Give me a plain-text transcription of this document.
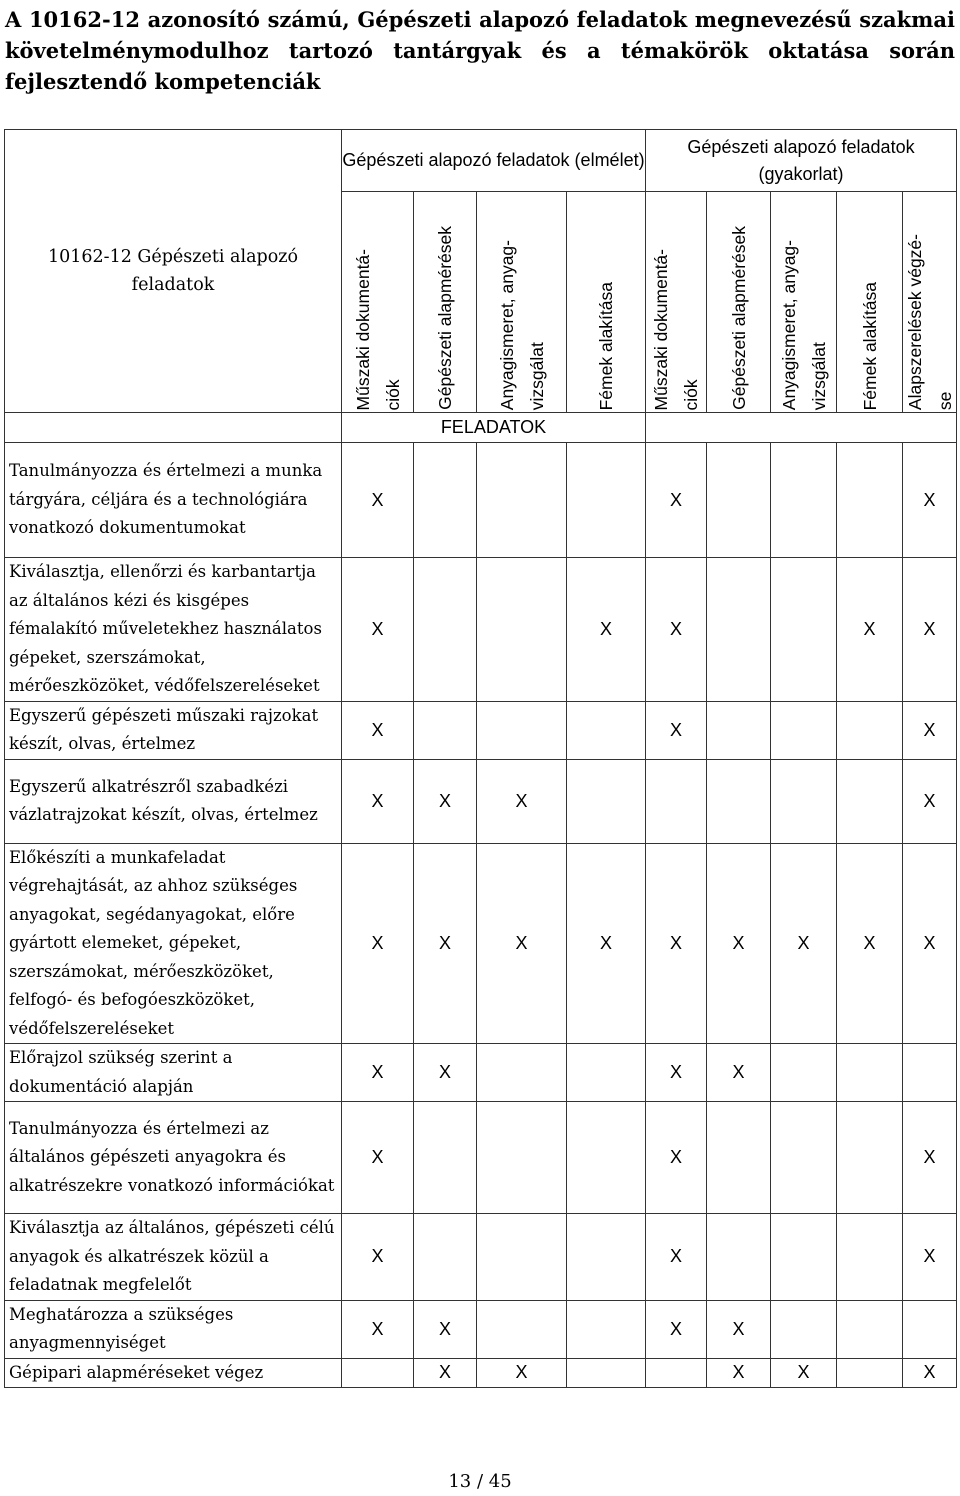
A 10162-12 azonosító számú, Gépészeti alapozó feladatok megnevezésű szakmai követelménymodulhoz tartozó tantárgyak és a témakörök oktatása során fejlesztendő kompetenciák
10162-12 Gépészeti alapozó feladatok	Gépészeti alapozó feladatok (elmélet)				Gépészeti alapozó feladatok (gyakorlat)				

	Műszaki dokumentá-
ciók	Gépészeti alapmérések	Anyagismeret, anyag-
vizsgálat	Fémek alakítása	Műszaki dokumentá-
ciók	Gépészeti alapmérések	Anyagismeret, anyag-
vizsgálat	Fémek alakítása	Alapszerelések végzé-
se

	FELADATOK								
Tanulmányozza és értelmezi a munka tárgyára, céljára és a technológiára vonatkozó dokumentumokat	X				X				X
Kiválasztja, ellenőrzi és karbantartja az általános kézi és kisgépes fémalakító műveletekhez használatos gépeket, szerszámokat, mérőeszközöket, védőfelszereléseket	X			X	X			X	X
Egyszerű gépészeti műszaki rajzokat készít, olvas, értelmez	X				X				X
Egyszerű alkatrészről szabadkézi vázlatrajzokat készít, olvas, értelmez	X	X	X						X
Előkészíti a munkafeladat végrehajtását, az ahhoz szükséges anyagokat, segédanyagokat, előre gyártott elemeket, gépeket, szerszámokat, mérőeszközöket, felfogó- és befogóeszközöket, védőfelszereléseket	X	X	X	X	X	X	X	X	X
Előrajzol szükség szerint a dokumentáció alapján	X	X			X	X			
Tanulmányozza és értelmezi az általános gépészeti anyagokra és alkatrészekre vonatkozó információkat	X				X				X
Kiválasztja az általános, gépészeti célú anyagok és alkatrészek közül a feladatnak megfelelőt	X				X				X
Meghatározza a szükséges anyagmennyiséget	X	X			X	X			
Gépipari alapméréseket végez		X	X			X	X		X
13 / 45
